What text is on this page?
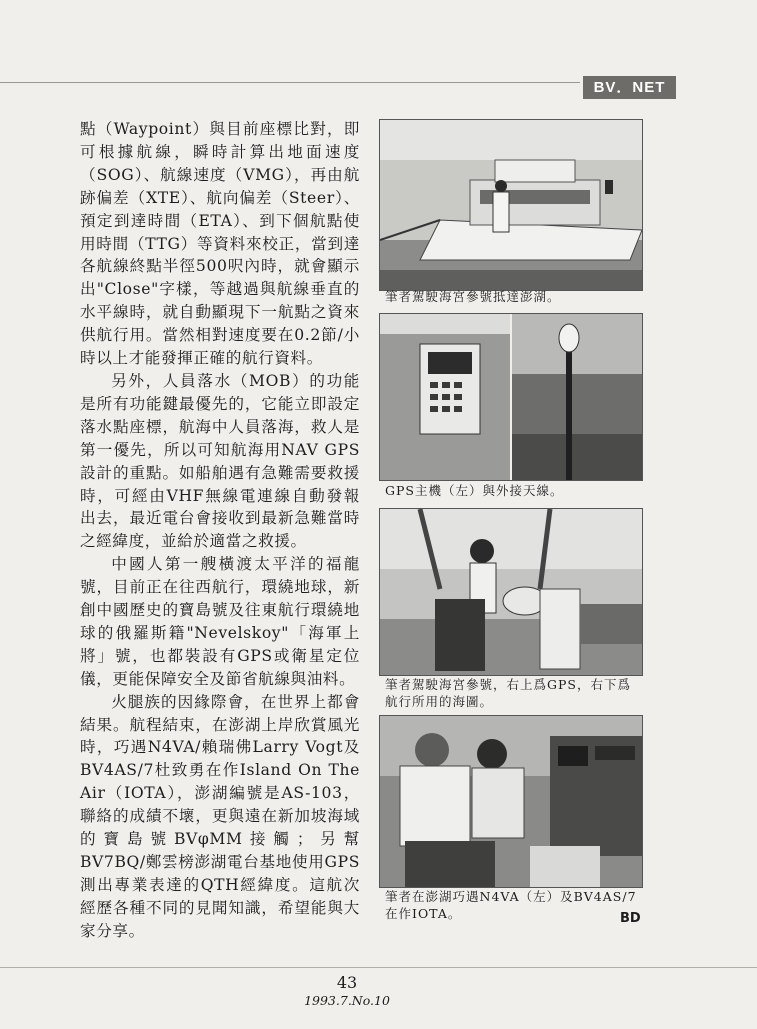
BV．NET

點（Waypoint）與目前座標比對，即可根據航線，瞬時計算出地面速度（SOG）、航線速度（VMG），再由航跡偏差（XTE）、航向偏差（Steer）、預定到達時間（ETA）、到下個航點使用時間（TTG）等資料來校正，當到達各航線終點半徑500呎內時，就會顯示出"Close"字樣，等越過與航線垂直的水平線時，就自動顯現下一航點之資來供航行用。當然相對速度要在0.2節/小時以上才能發揮正確的航行資料。

另外，人員落水（MOB）的功能是所有功能鍵最優先的，它能立即設定落水點座標，航海中人員落海，救人是第一優先，所以可知航海用NAV GPS設計的重點。如船舶遇有急難需要救援時，可經由VHF無線電連線自動發報出去，最近電台會接收到最新急難當時之經緯度，並給於適當之救援。

中國人第一艘橫渡太平洋的福龍號，目前正在往西航行，環繞地球，新創中國歷史的寶島號及往東航行環繞地球的俄羅斯籍"Nevelskoy"「海軍上將」號，也都裝設有GPS或衛星定位儀，更能保障安全及節省航線與油料。

火腿族的因緣際會，在世界上都會結果。航程結束，在澎湖上岸欣賞風光時，巧遇N4VA/賴瑞佛Larry Vogt及BV4AS/7杜致勇在作Island On The Air（IOTA），澎湖編號是AS-103，聯絡的成績不壞，更與遠在新加坡海域的寶島號BVφMM接觸；另幫BV7BQ/鄭雲榜澎湖電台基地使用GPS測出專業表達的QTH經緯度。這航次經歷各種不同的見聞知識，希望能與大家分享。

筆者駕駛海宮參號抵達澎湖。
GPS主機（左）與外接天線。
筆者駕駛海宮參號，右上爲GPS，右下爲航行所用的海圖。
筆者在澎湖巧遇N4VA（左）及BV4AS/7在作IOTA。	BD
43
1993.7.No.10
